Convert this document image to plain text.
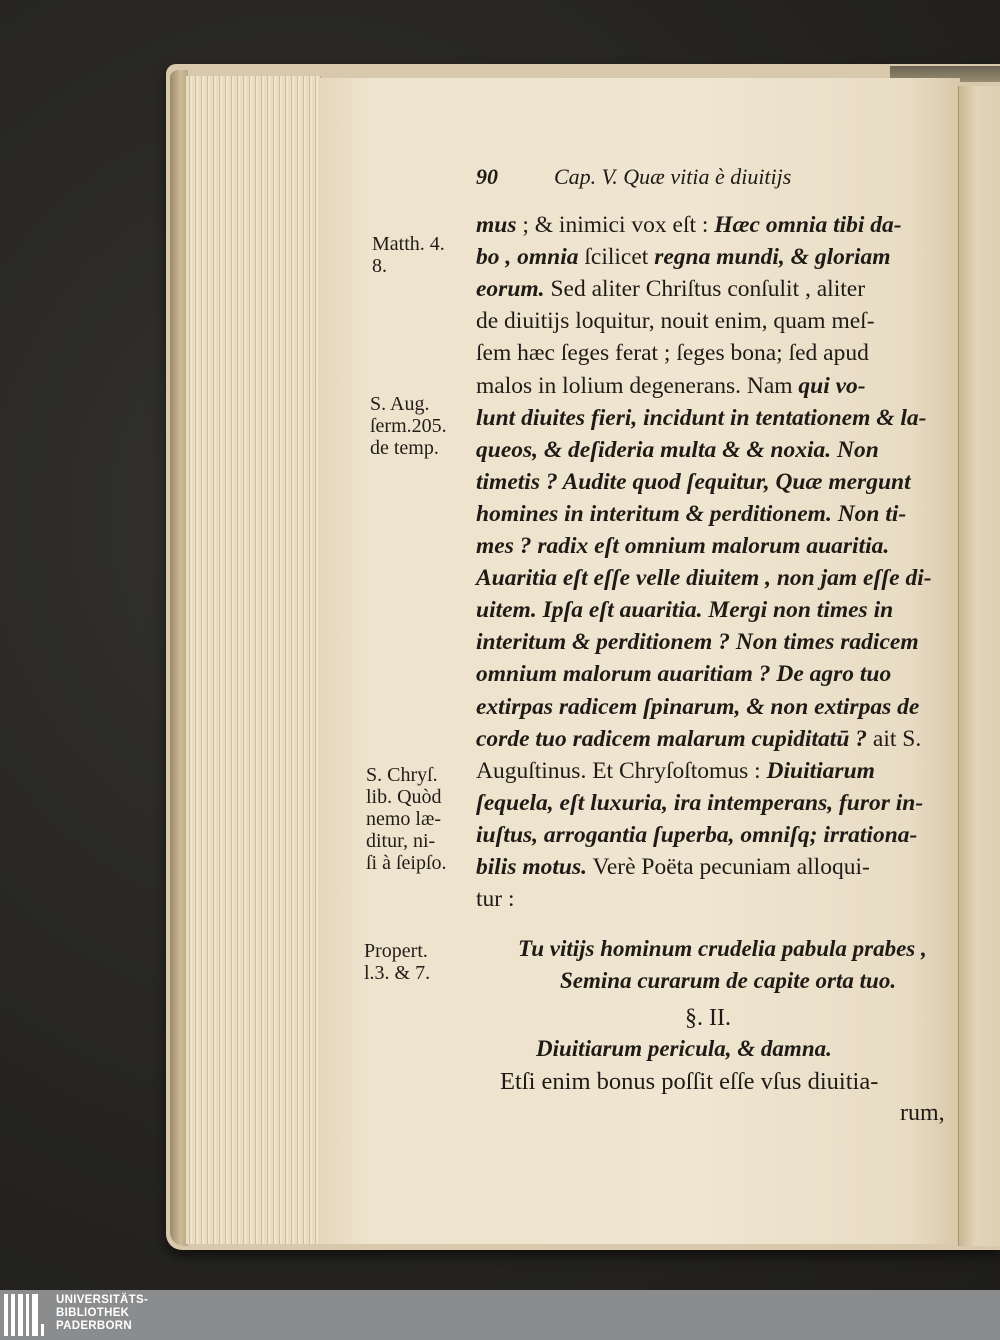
90	Cap. V. Quæ vitia è diuitijs
mus ; & inimici vox eſt : Hæc omnia tibi da-
bo , omnia ſcilicet regna mundi, & gloriam
eorum. Sed aliter Chriſtus conſulit , aliter
de diuitijs loquitur, nouit enim, quam meſ-
ſem hæc ſeges ferat ; ſeges bona; ſed apud
malos in lolium degenerans. Nam qui vo-
lunt diuites fieri, incidunt in tentationem & la-
queos, & deſideria multa & & noxia. Non
timetis ? Audite quod ſequitur, Quæ mergunt
homines in interitum & perditionem. Non ti-
mes ? radix eſt omnium malorum auaritia.
Auaritia eſt eſſe velle diuitem , non jam eſſe di-
uitem. Ipſa eſt auaritia. Mergi non times in
interitum & perditionem ? Non times radicem
omnium malorum auaritiam ? De agro tuo
extirpas radicem ſpinarum, & non extirpas de
corde tuo radicem malarum cupiditatū ? ait S.
Auguſtinus. Et Chryſoſtomus : Diuitiarum
ſequela, eſt luxuria, ira intemperans, furor in-
iuſtus, arrogantia ſuperba, omniſq; irrationa-
bilis motus. Verè Poëta pecuniam alloqui-
tur :
Tu vitijs hominum crudelia pabula prabes ,
Semina curarum de capite orta tuo.
§. II.
Diuitiarum pericula, & damna.
Etſi enim bonus poſſit eſſe vſus diuitia-
rum,
Matth. 4.
8.
S. Aug.
ſerm.205.
de temp.
S. Chryſ.
lib. Quòd
nemo læ-
ditur, ni-
ſi à ſeipſo.
Propert.
l.3. & 7.
UNIVERSITÄTS-
BIBLIOTHEK
PADERBORN
